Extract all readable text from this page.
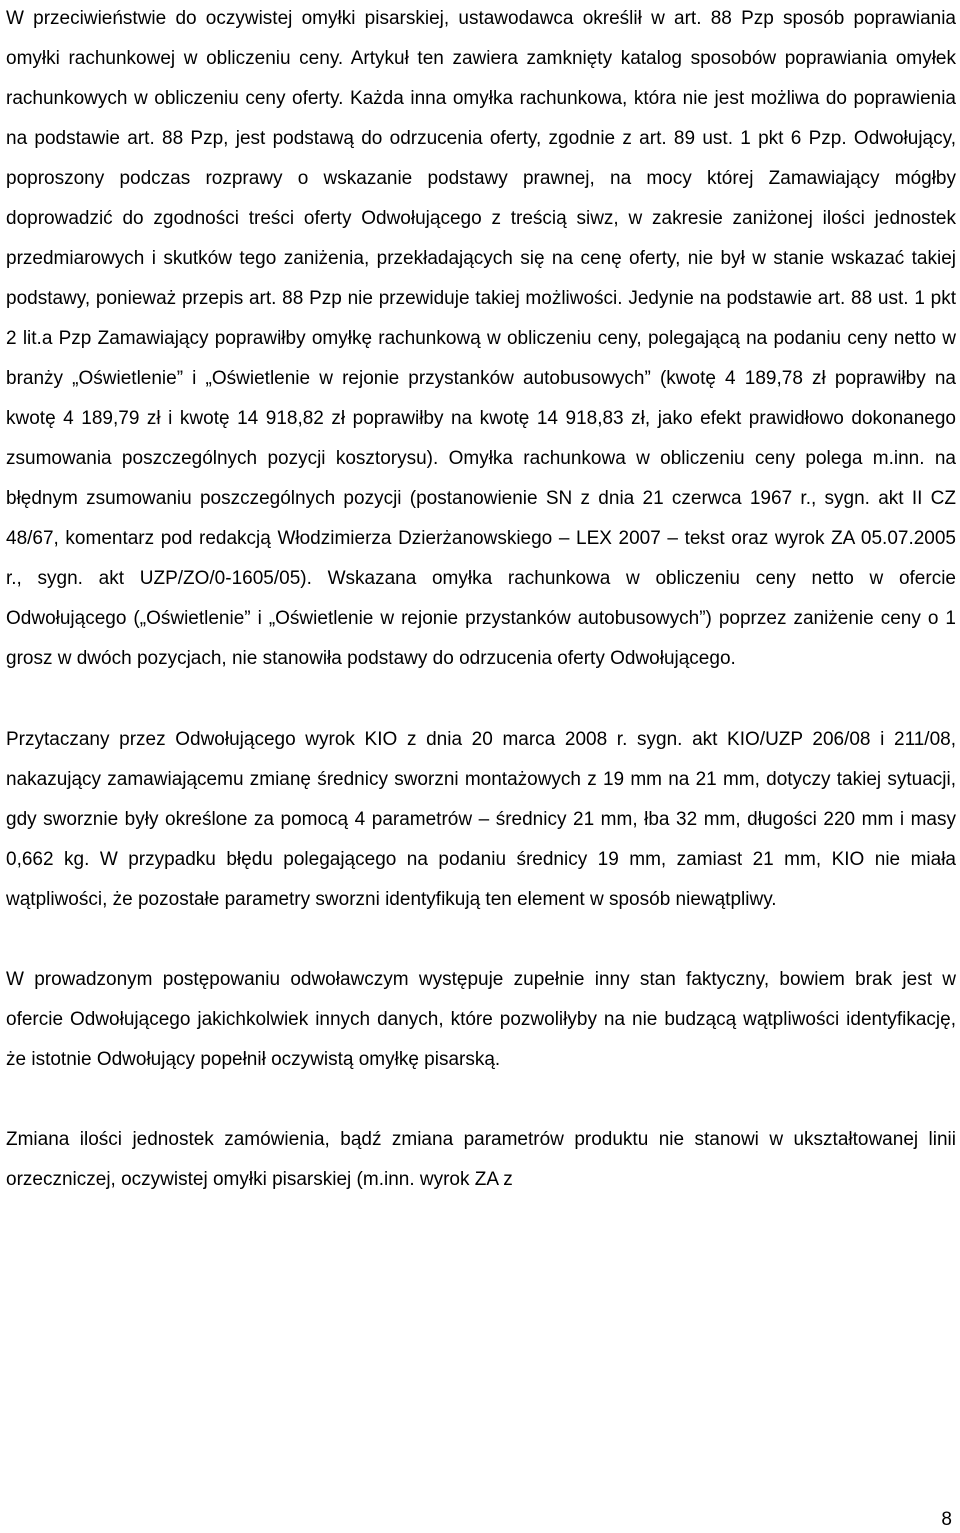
W przeciwieństwie do oczywistej omyłki pisarskiej, ustawodawca określił w art. 88 Pzp sposób poprawiania omyłki rachunkowej w obliczeniu ceny. Artykuł ten zawiera zamknięty katalog sposobów poprawiania omyłek rachunkowych w obliczeniu ceny oferty. Każda inna omyłka rachunkowa, która nie jest możliwa do poprawienia na podstawie art. 88 Pzp, jest podstawą do odrzucenia oferty, zgodnie z art. 89 ust. 1 pkt 6 Pzp. Odwołujący, poproszony podczas rozprawy o wskazanie podstawy prawnej, na mocy której Zamawiający mógłby doprowadzić do zgodności treści oferty Odwołującego z treścią siwz, w zakresie zaniżonej ilości jednostek przedmiarowych i skutków tego zaniżenia, przekładających się na cenę oferty, nie był w stanie wskazać takiej podstawy, ponieważ przepis art. 88 Pzp nie przewiduje takiej możliwości. Jedynie na podstawie art. 88 ust. 1 pkt 2 lit.a Pzp Zamawiający poprawiłby omyłkę rachunkową w obliczeniu ceny, polegającą na podaniu ceny netto w branży „Oświetlenie” i „Oświetlenie w rejonie przystanków autobusowych” (kwotę 4 189,78 zł poprawiłby na kwotę 4 189,79 zł i kwotę 14 918,82 zł poprawiłby na kwotę 14 918,83 zł, jako efekt prawidłowo dokonanego zsumowania poszczególnych pozycji kosztorysu). Omyłka rachunkowa w obliczeniu ceny polega m.inn. na błędnym zsumowaniu poszczególnych pozycji (postanowienie SN z dnia 21 czerwca 1967 r., sygn. akt II CZ 48/67, komentarz pod redakcją Włodzimierza Dzierżanowskiego – LEX 2007 – tekst oraz wyrok ZA 05.07.2005 r., sygn. akt UZP/ZO/0-1605/05). Wskazana omyłka rachunkowa w obliczeniu ceny netto w ofercie Odwołującego („Oświetlenie” i „Oświetlenie w rejonie przystanków autobusowych”) poprzez zaniżenie ceny o 1 grosz w dwóch pozycjach, nie stanowiła podstawy do odrzucenia oferty Odwołującego.

Przytaczany przez Odwołującego wyrok KIO z dnia 20 marca 2008 r. sygn. akt KIO/UZP 206/08 i 211/08, nakazujący zamawiającemu zmianę średnicy sworzni montażowych z 19 mm na 21 mm, dotyczy takiej sytuacji, gdy sworznie były określone za pomocą 4 parametrów – średnicy 21 mm, łba 32 mm, długości 220 mm i masy 0,662 kg. W przypadku błędu polegającego na podaniu średnicy 19 mm, zamiast 21 mm, KIO nie miała wątpliwości, że pozostałe parametry sworzni identyfikują ten element w sposób niewątpliwy.

W prowadzonym postępowaniu odwoławczym występuje zupełnie inny stan faktyczny, bowiem brak jest w ofercie Odwołującego jakichkolwiek innych danych, które pozwoliłyby na nie budzącą wątpliwości identyfikację, że istotnie Odwołujący popełnił oczywistą omyłkę pisarską.

Zmiana ilości jednostek zamówienia, bądź zmiana parametrów produktu nie stanowi w ukształtowanej linii orzeczniczej, oczywistej omyłki pisarskiej (m.inn. wyrok ZA z

8
